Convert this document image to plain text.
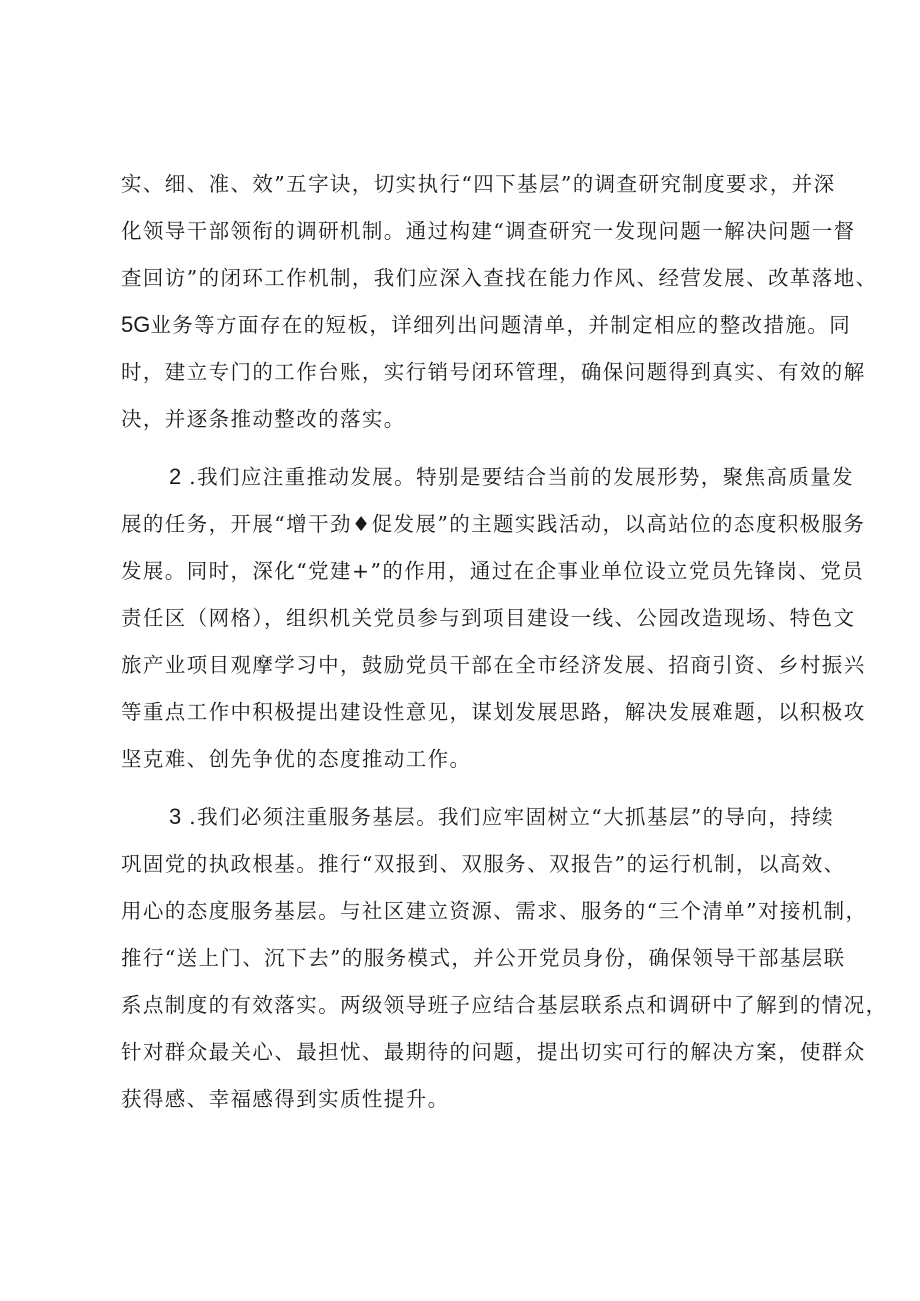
实、细、准、效”五字诀，切实执行“四下基层”的调查研究制度要求，并深
化领导干部领衔的调研机制。通过构建“调查研究一发现问题一解决问题一督
查回访”的闭环工作机制，我们应深入查找在能力作风、经营发展、改革落地、
5G业务等方面存在的短板，详细列出问题清单，并制定相应的整改措施。同
时，建立专门的工作台账，实行销号闭环管理，确保问题得到真实、有效的解
决，并逐条推动整改的落实。
2 .我们应注重推动发展。特别是要结合当前的发展形势，聚焦高质量发
展的任务，开展“增干劲♦促发展”的主题实践活动，以高站位的态度积极服务
发展。同时，深化“党建+”的作用，通过在企事业单位设立党员先锋岗、党员
责任区（网格），组织机关党员参与到项目建设一线、公园改造现场、特色文
旅产业项目观摩学习中，鼓励党员干部在全市经济发展、招商引资、乡村振兴
等重点工作中积极提出建设性意见，谋划发展思路，解决发展难题，以积极攻
坚克难、创先争优的态度推动工作。
3 .我们必须注重服务基层。我们应牢固树立“大抓基层”的导向，持续
巩固党的执政根基。推行“双报到、双服务、双报告”的运行机制，以高效、
用心的态度服务基层。与社区建立资源、需求、服务的“三个清单”对接机制，
推行“送上门、沉下去”的服务模式，并公开党员身份，确保领导干部基层联
系点制度的有效落实。两级领导班子应结合基层联系点和调研中了解到的情况，
针对群众最关心、最担忧、最期待的问题，提出切实可行的解决方案，使群众
获得感、幸福感得到实质性提升。
